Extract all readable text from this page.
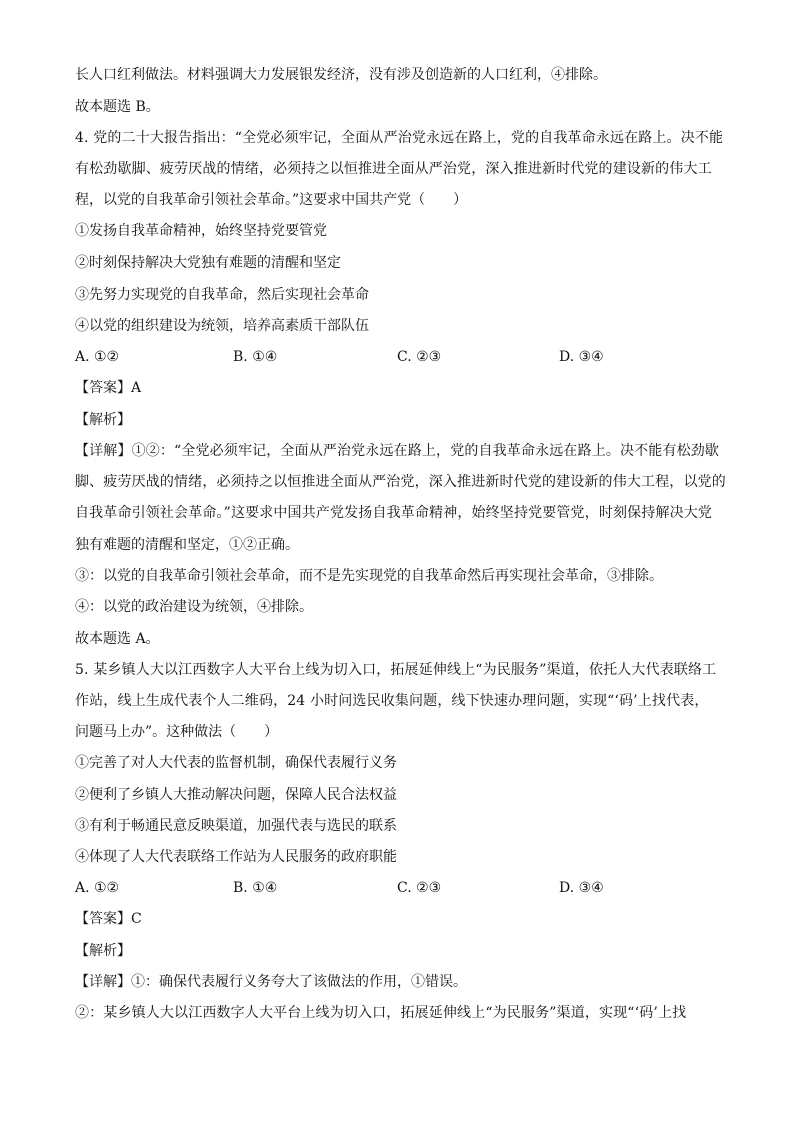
长人口红利做法。材料强调大力发展银发经济，没有涉及创造新的人口红利，④排除。
故本题选 B。
4. 党的二十大报告指出：“全党必须牢记，全面从严治党永远在路上，党的自我革命永远在路上。决不能
有松劲歇脚、疲劳厌战的情绪，必须持之以恒推进全面从严治党，深入推进新时代党的建设新的伟大工
程，以党的自我革命引领社会革命。”这要求中国共产党（　　）
①发扬自我革命精神，始终坚持党要管党
②时刻保持解决大党独有难题的清醒和坚定
③先努力实现党的自我革命，然后实现社会革命
④以党的组织建设为统领，培养高素质干部队伍
A. ①②	B. ①④	C. ②③	D. ③④
【答案】A
【解析】
【详解】①②：“全党必须牢记，全面从严治党永远在路上，党的自我革命永远在路上。决不能有松劲歇
脚、疲劳厌战的情绪，必须持之以恒推进全面从严治党，深入推进新时代党的建设新的伟大工程，以党的
自我革命引领社会革命。”这要求中国共产党发扬自我革命精神，始终坚持党要管党，时刻保持解决大党
独有难题的清醒和坚定，①②正确。
③：以党的自我革命引领社会革命，而不是先实现党的自我革命然后再实现社会革命，③排除。
④：以党的政治建设为统领，④排除。
故本题选 A。
5. 某乡镇人大以江西数字人大平台上线为切入口，拓展延伸线上“为民服务”渠道，依托人大代表联络工
作站，线上生成代表个人二维码，24 小时问选民收集问题，线下快速办理问题，实现“‘码’上找代表，
问题马上办”。这种做法（　　）
①完善了对人大代表的监督机制，确保代表履行义务
②便利了乡镇人大推动解决问题，保障人民合法权益
③有利于畅通民意反映渠道，加强代表与选民的联系
④体现了人大代表联络工作站为人民服务的政府职能
A. ①②	B. ①④	C. ②③	D. ③④
【答案】C
【解析】
【详解】①：确保代表履行义务夸大了该做法的作用，①错误。
②：某乡镇人大以江西数字人大平台上线为切入口，拓展延伸线上“为民服务”渠道，实现“‘码’上找
